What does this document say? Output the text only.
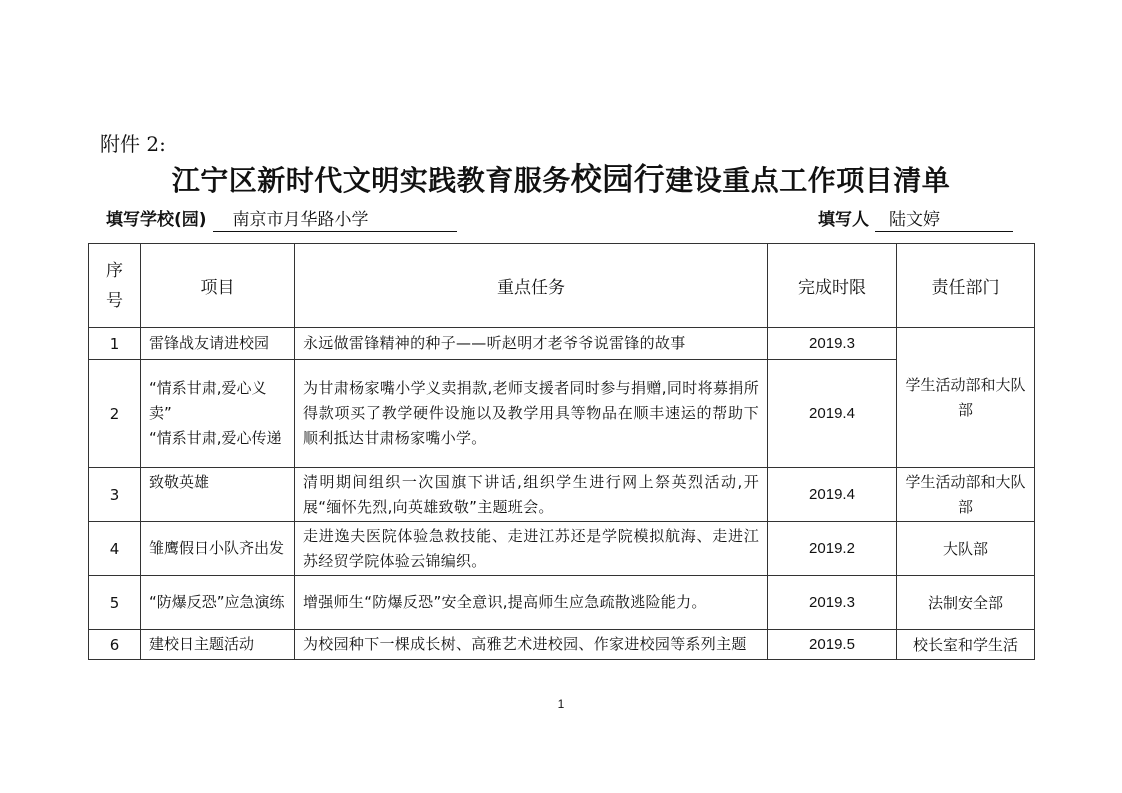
附件 2:
江宁区新时代文明实践教育服务校园行建设重点工作项目清单
填写学校(园) 南京市月华路小学	填写人 陆文婷
序
号	项目	重点任务	完成时限	责任部门
1	雷锋战友请进校园	永远做雷锋精神的种子——听赵明才老爷爷说雷锋的故事	2019.3	学生活动部和大队部
2	“情系甘肃,爱心义卖”
“情系甘肃,爱心传递	为甘肃杨家嘴小学义卖捐款,老师支援者同时参与捐赠,同时将募捐所得款项买了教学硬件设施以及教学用具等物品在顺丰速运的帮助下顺利抵达甘肃杨家嘴小学。	2019.4	
3	致敬英雄	清明期间组织一次国旗下讲话,组织学生进行网上祭英烈活动,开展“缅怀先烈,向英雄致敬”主题班会。	2019.4	学生活动部和大队部
4	雏鹰假日小队齐出发	走进逸夫医院体验急救技能、走进江苏还是学院模拟航海、走进江苏经贸学院体验云锦编织。	2019.2	大队部
5	“防爆反恐”应急演练	增强师生“防爆反恐”安全意识,提高师生应急疏散逃险能力。	2019.3	法制安全部
6	建校日主题活动	为校园种下一棵成长树、高雅艺术进校园、作家进校园等系列主题	2019.5	校长室和学生活
1
